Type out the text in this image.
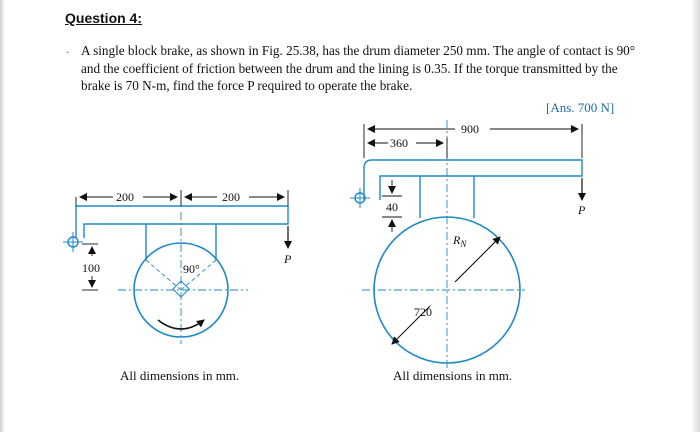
Question 4:
. A single block brake, as shown in Fig. 25.38, has the drum diameter 250 mm. The angle of contact is 90° and the coefficient of friction between the drum and the lining is 0.35. If the torque transmitted by the brake is 70 N-m, find the force P required to operate the brake.
[Ans. 700 N]
200	200
P
100	90°
All dimensions in mm.
720
$R_N$
900
360
40	P
All dimensions in mm.
